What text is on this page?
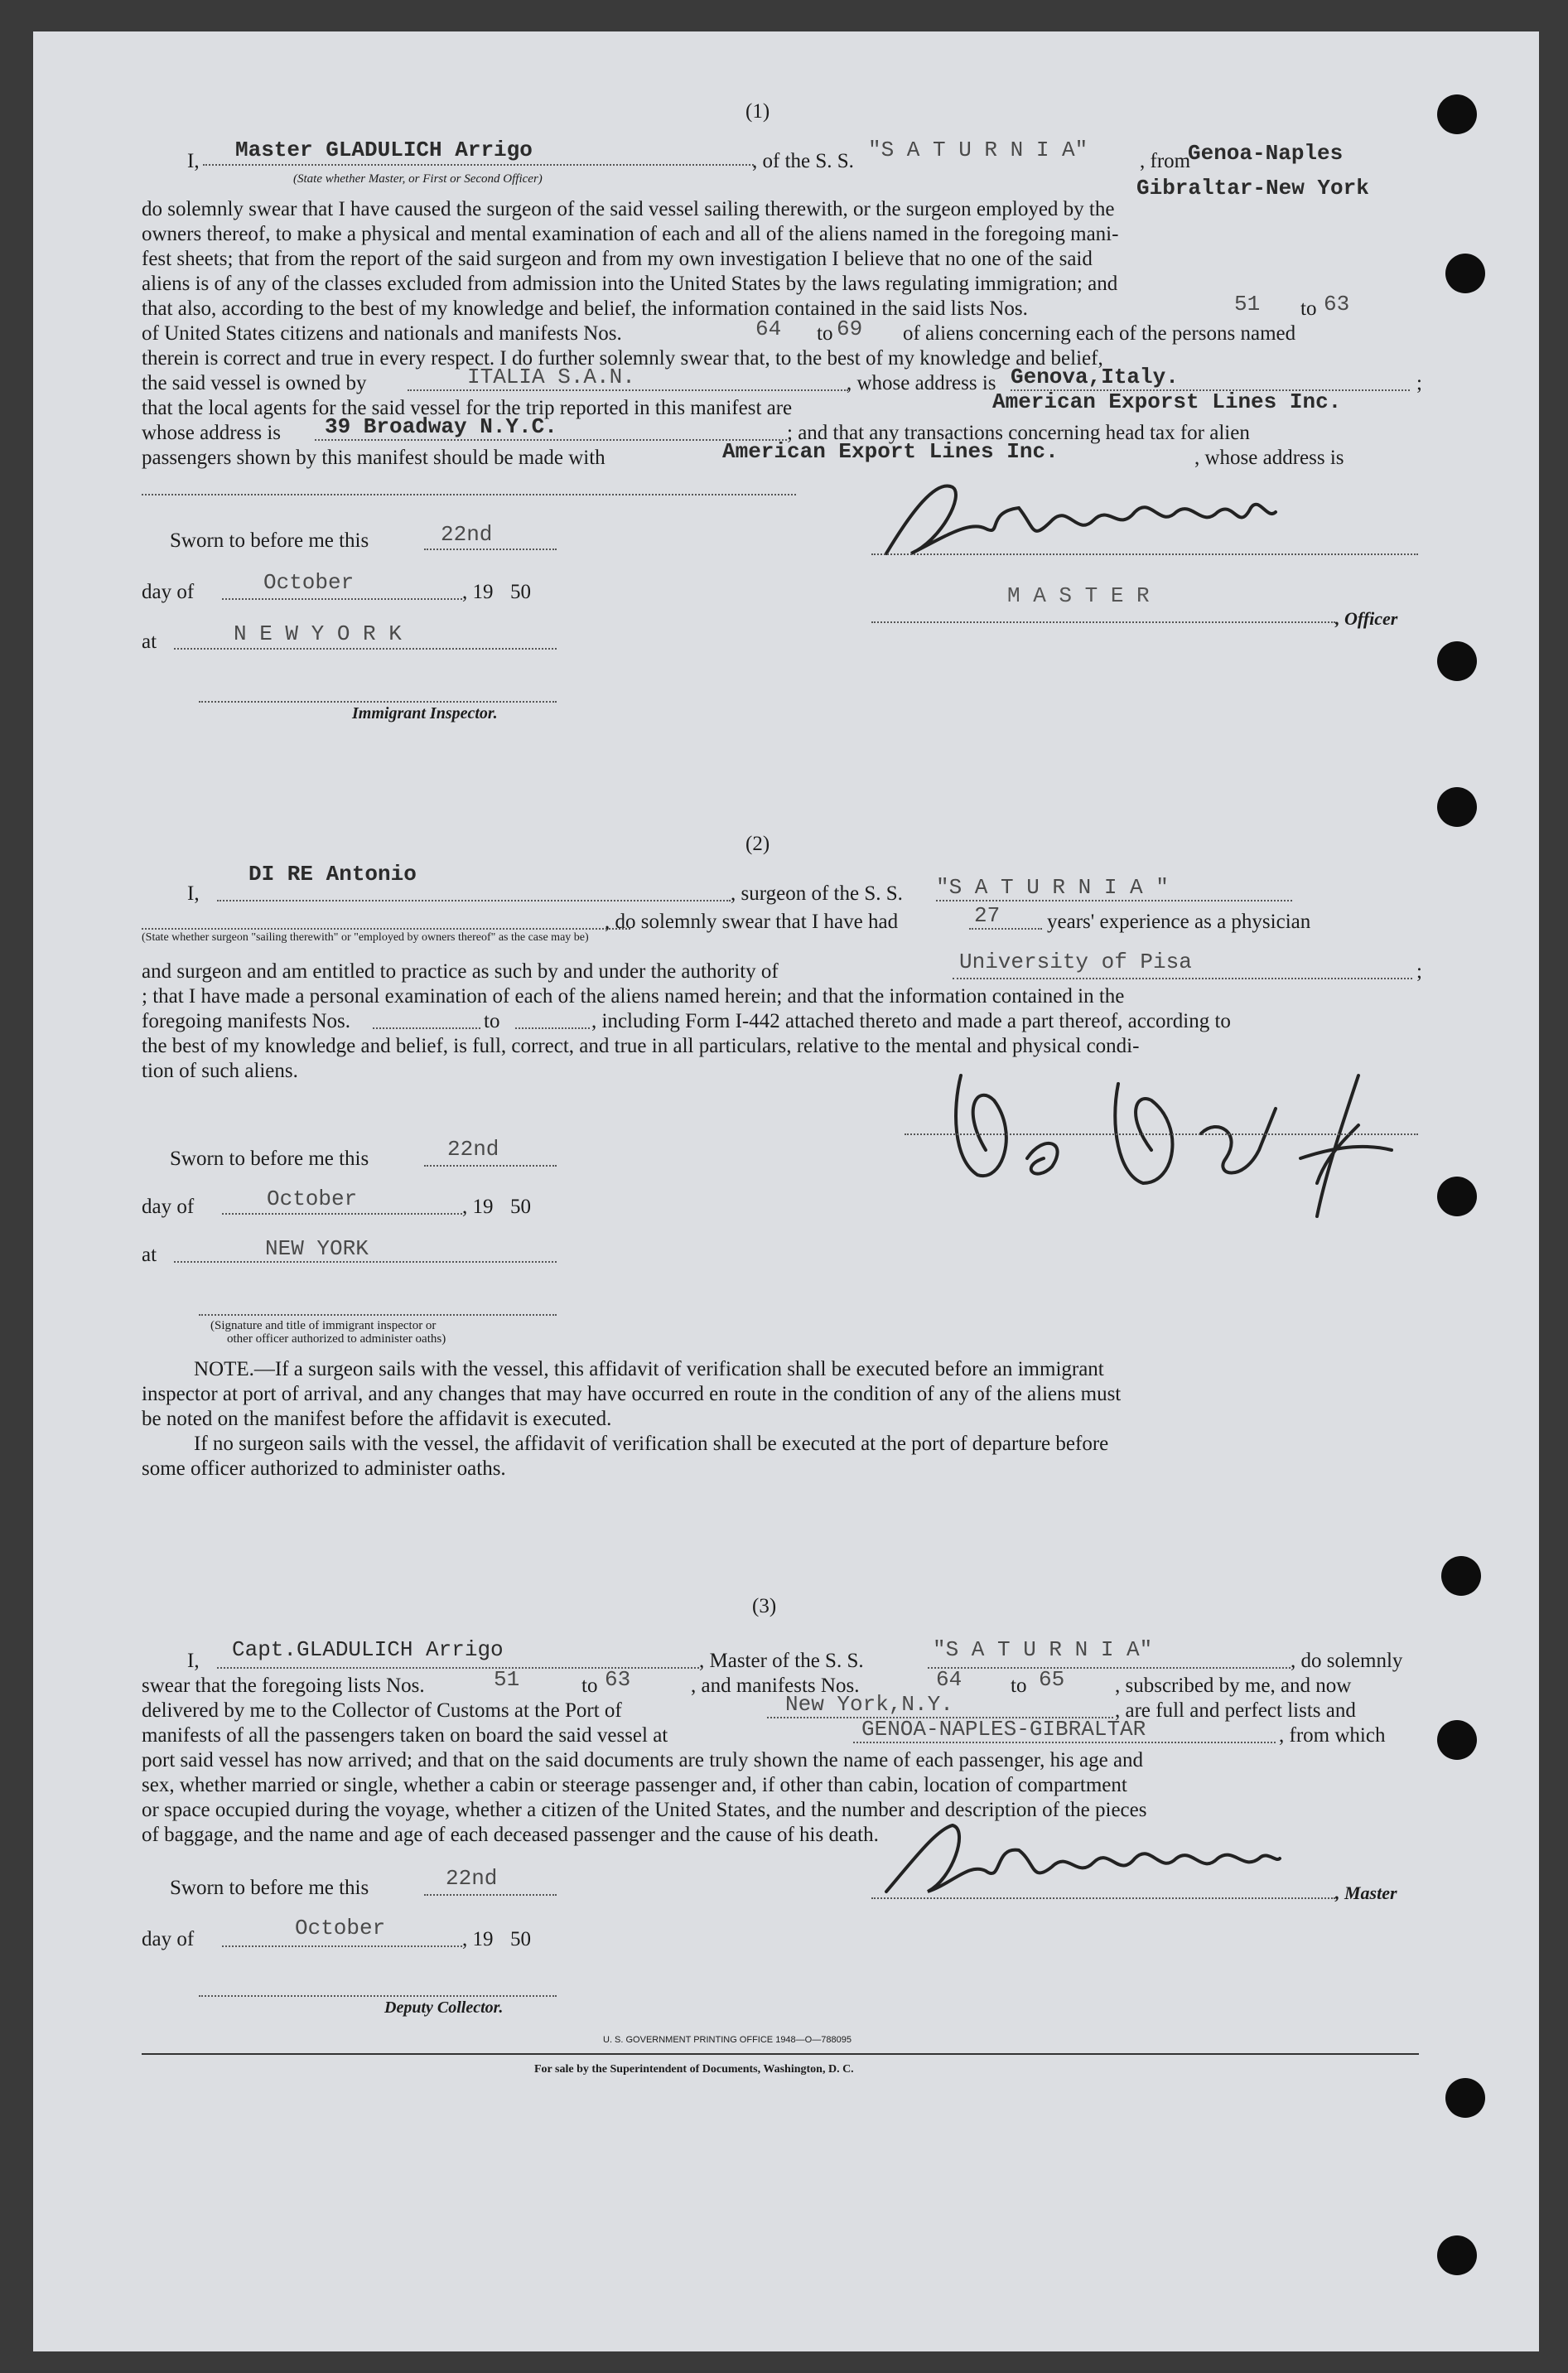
(1)
I, Master GLADULICH Arrigo
(State whether Master, or First or Second Officer)
, of the S. S. "S A T U R N I A"	, from
Genoa-Naples
Gibraltar-New York
do solemnly swear that I have caused the surgeon of the said vessel sailing therewith, or the surgeon employed by the
owners thereof, to make a physical and mental examination of each and all of the aliens named in the foregoing mani-
fest sheets; that from the report of the said surgeon and from my own investigation I believe that no one of the said
aliens is of any of the classes excluded from admission into the United States by the laws regulating immigration; and
that also, according to the best of my knowledge and belief, the information contained in the said lists Nos.	51 to 63
of United States citizens and nationals and manifests Nos.	64 to 69 of aliens concerning each of the persons named
therein is correct and true in every respect. I do further solemnly swear that, to the best of my knowledge and belief,
the said vessel is owned by	ITALIA S.A.N.	, whose address is Genova,Italy.	;
that the local agents for the said vessel for the trip reported in this manifest are	American Exporst Lines Inc.
whose address is 39 Broadway N.Y.C.	; and that any transactions concerning head tax for alien
passengers shown by this manifest should be made with	American Export Lines Inc.	, whose address is
Sworn to before me this	22nd
day of	October	, 19 50
at	N E W Y O R K
Immigrant Inspector.
M A S T E R
, Officer
(2)
I,
DI RE Antonio
, surgeon of the S. S. "S A T U R N I A "
, do solemnly swear that I have had	27 years' experience as a physician
(State whether surgeon "sailing therewith" or "employed by owners thereof" as the case may be)
and surgeon and am entitled to practice as such by and under the authority of	University of Pisa	;
; that I have made a personal examination of each of the aliens named herein; and that the information contained in the
foregoing manifests Nos.	to	, including Form I-442 attached thereto and made a part thereof, according to
the best of my knowledge and belief, is full, correct, and true in all particulars, relative to the mental and physical condi-
tion of such aliens.
Sworn to before me this	22nd
day of	October	, 19 50
at	NEW YORK
(Signature and title of immigrant inspector or
other officer authorized to administer oaths)
NOTE.—If a surgeon sails with the vessel, this affidavit of verification shall be executed before an immigrant
inspector at port of arrival, and any changes that may have occurred en route in the condition of any of the aliens must
be noted on the manifest before the affidavit is executed.
If no surgeon sails with the vessel, the affidavit of verification shall be executed at the port of departure before
some officer authorized to administer oaths.
(3)
I, Capt.GLADULICH Arrigo	, Master of the S. S.	"S A T U R N I A"	, do solemnly
swear that the foregoing lists Nos.	51	to 63	, and manifests Nos.	64 to 65 , subscribed by me, and now
delivered by me to the Collector of Customs at the Port of	New York,N.Y.	, are full and perfect lists and
manifests of all the passengers taken on board the said vessel at	GENOA-NAPLES-GIBRALTAR	, from which
port said vessel has now arrived; and that on the said documents are truly shown the name of each passenger, his age and
sex, whether married or single, whether a cabin or steerage passenger and, if other than cabin, location of compartment
or space occupied during the voyage, whether a citizen of the United States, and the number and description of the pieces
of baggage, and the name and age of each deceased passenger and the cause of his death.
, Master
Sworn to before me this	22nd
day of	October	, 19 50
Deputy Collector.
U. S. GOVERNMENT PRINTING OFFICE 1948—O—788095
For sale by the Superintendent of Documents, Washington, D. C.
